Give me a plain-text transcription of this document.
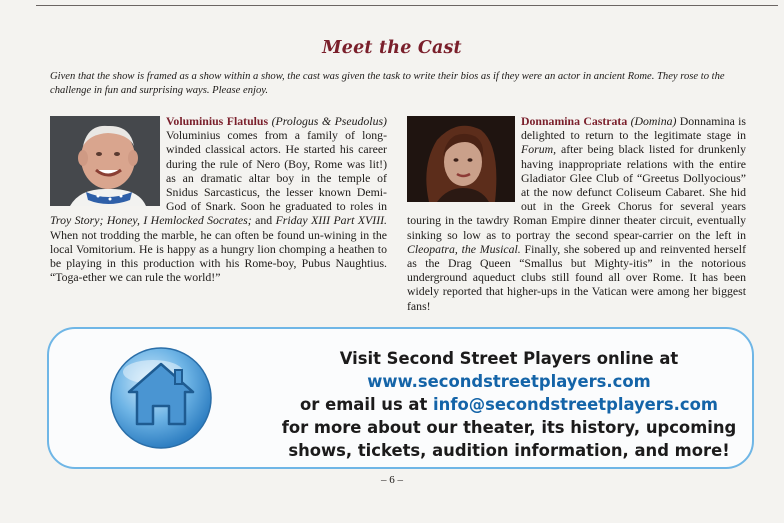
Meet the Cast
Given that the show is framed as a show within a show, the cast was given the task to write their bios as if they were an actor in ancient Rome. They rose to the challenge in fun and surprising ways. Please enjoy.
Voluminius Flatulus (Prologus & Pseudolus) Voluminius comes from a family of long-winded classical actors. He started his career during the rule of Nero (Boy, Rome was lit!) as an dramatic altar boy in the temple of Snidus Sarcasticus, the lesser known Demi-God of Snark. Soon he graduated to roles in Troy Story; Honey, I Hemlocked Socrates; and Friday XIII Part XVIII. When not trodding the marble, he can often be found un-wining in the local Vomitorium. He is happy as a hungry lion chomping a heathen to be playing in this production with his Rome-boy, Pubus Naughtius. “Toga-ether we can rule the world!”
Donnamina Castrata (Domina) Donnamina is delighted to return to the legitimate stage in Forum, after being black listed for drunkenly having inappropriate relations with the entire Gladiator Glee Club of “Greetus Dollyocious” at the now defunct Coliseum Cabaret. She hid out in the Greek Chorus for several years touring in the tawdry Roman Empire dinner theater circuit, eventually sinking so low as to portray the second spear-carrier on the left in Cleopatra, the Musical. Finally, she sobered up and reinvented herself as the Drag Queen “Smallus but Mighty-itis” in the notorious underground aqueduct clubs still found all over Rome. It has been widely reported that higher-ups in the Vatican were among her biggest fans!
Visit Second Street Players online at
www.secondstreetplayers.com
or email us at info@secondstreetplayers.com
for more about our theater, its history, upcoming
shows, tickets, audition information, and more!
– 6 –
